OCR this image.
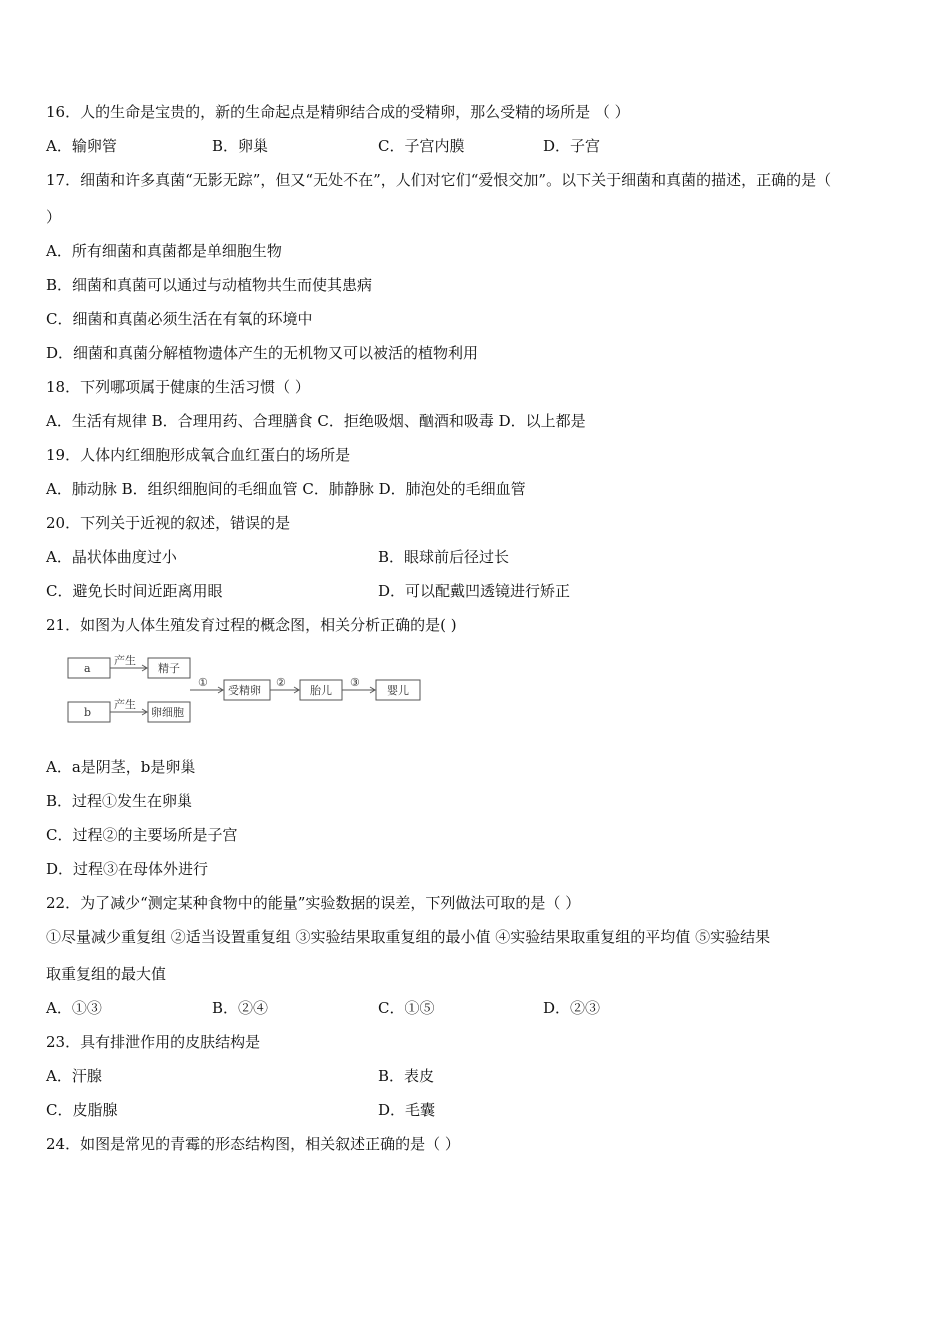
16．人的生命是宝贵的，新的生命起点是精卵结合成的受精卵，那么受精的场所是 （ ）
A．输卵管	B．卵巢	C．子宫内膜	D．子宫
17．细菌和许多真菌“无影无踪”，但又“无处不在”，人们对它们“爱恨交加”。以下关于细菌和真菌的描述，正确的是（
）
A．所有细菌和真菌都是单细胞生物
B．细菌和真菌可以通过与动植物共生而使其患病
C．细菌和真菌必须生活在有氧的环境中
D．细菌和真菌分解植物遗体产生的无机物又可以被活的植物利用
18．下列哪项属于健康的生活习惯（ ）
A．生活有规律 B．合理用药、合理膳食 C．拒绝吸烟、酗酒和吸毒 D．以上都是
19．人体内红细胞形成氧合血红蛋白的场所是
A．肺动脉 B．组织细胞间的毛细血管 C．肺静脉 D．肺泡处的毛细血管
20．下列关于近视的叙述，错误的是
A．晶状体曲度过小	B．眼球前后径过长
C．避免长时间近距离用眼	D．可以配戴凹透镜进行矫正
21．如图为人体生殖发育过程的概念图，相关分析正确的是( )
a
产生
精子
b
产生
卵细胞
①
受精卵
②
胎儿
③
婴儿
A．a是阴茎，b是卵巢
B．过程①发生在卵巢
C．过程②的主要场所是子宫
D．过程③在母体外进行
22．为了减少“测定某种食物中的能量”实验数据的误差，下列做法可取的是（ ）
①尽量减少重复组 ②适当设置重复组 ③实验结果取重复组的最小值 ④实验结果取重复组的平均值 ⑤实验结果
取重复组的最大值
A．①③	B．②④	C．①⑤	D．②③
23．具有排泄作用的皮肤结构是
A．汗腺	B．表皮
C．皮脂腺	D．毛囊
24．如图是常见的青霉的形态结构图，相关叙述正确的是（ ）
